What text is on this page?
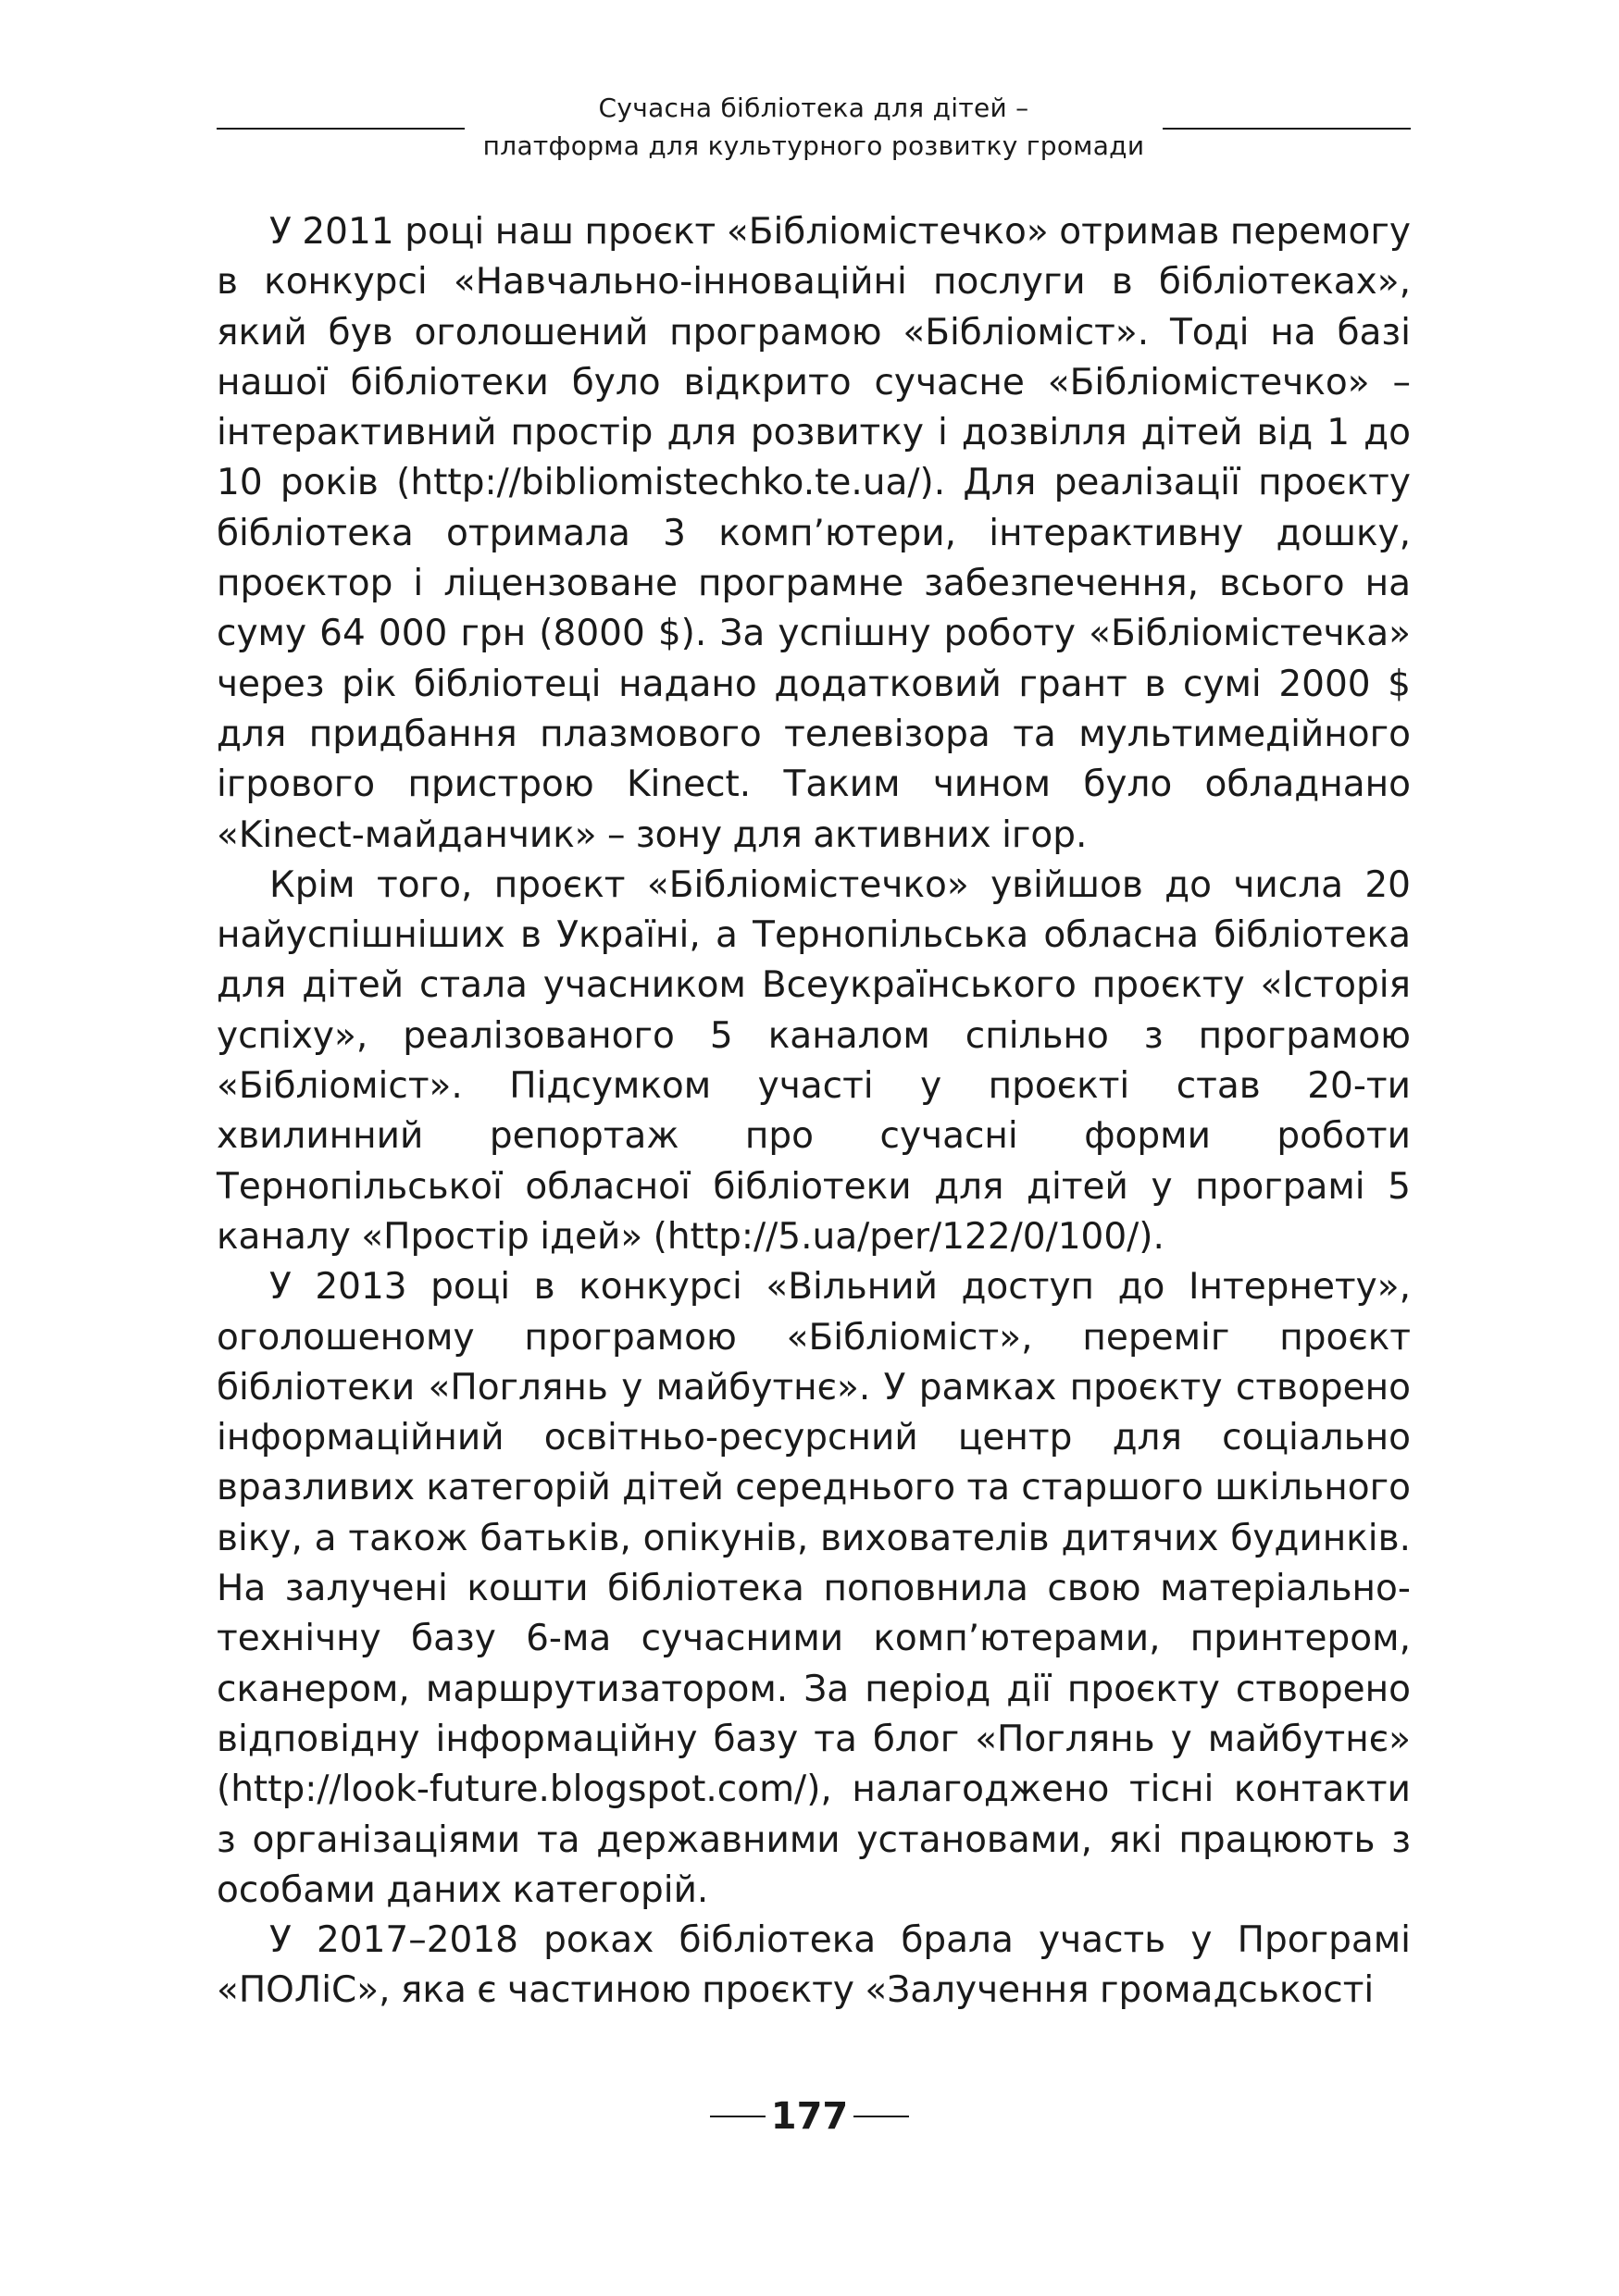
Сучасна бібліотека для дітей –
платформа для культурного розвитку громади

У 2011 році наш проєкт «Бібліомістечко» отримав перемогу в конкурсі «Навчально-інноваційні послуги в бібліотеках», який був оголошений програмою «Бібліоміст». Тоді на базі нашої бібліотеки було відкрито сучасне «Бібліомістечко» – інтерактивний простір для розвитку і дозвілля дітей від 1 до 10 років (http://bibliomistechko.te.ua/). Для реалізації проєкту бібліотека отримала 3 комп’ютери, інтерактивну дошку, проєктор і ліцензоване програмне забезпечення, всього на суму 64 000 грн (8000 $). За успішну роботу «Бібліомістечка» через рік бібліотеці надано додатковий грант в сумі 2000 $ для придбання плазмового телевізора та мультимедійного ігрового пристрою Kinect. Таким чином було обладнано «Kinect-майданчик» – зону для активних ігор.

Крім того, проєкт «Бібліомістечко» увійшов до числа 20 найуспішніших в Україні, а Тернопільська обласна бібліотека для дітей стала учасником Всеукраїнського проєкту «Історія успіху», реалізованого 5 каналом спільно з програмою «Бібліоміст». Підсумком участі у проєкті став 20-ти хвилинний репортаж про сучасні форми роботи Тернопільської обласної бібліотеки для дітей у програмі 5 каналу «Простір ідей» (http://5.ua/per/122/0/100/).

У 2013 році в конкурсі «Вільний доступ до Інтернету», оголошеному програмою «Бібліоміст», переміг проєкт бібліотеки «Поглянь у майбутнє». У рамках проєкту створено інформаційний освітньо-ресурсний центр для соціально вразливих категорій дітей середнього та старшого шкільного віку, а також батьків, опікунів, вихователів дитячих будинків. На залучені кошти бібліотека поповнила свою матеріально-технічну базу 6-ма сучасними комп’ютерами, принтером, сканером, маршрутизатором. За період дії проєкту створено відповідну інформаційну базу та блог «Поглянь у майбутнє» (http://look-future.blogspot.com/), налагоджено тісні контакти з організаціями та державними установами, які працюють з особами даних категорій.

У 2017–2018 роках бібліотека брала участь у Програмі «ПОЛіС», яка є частиною проєкту «Залучення громадськості

177
